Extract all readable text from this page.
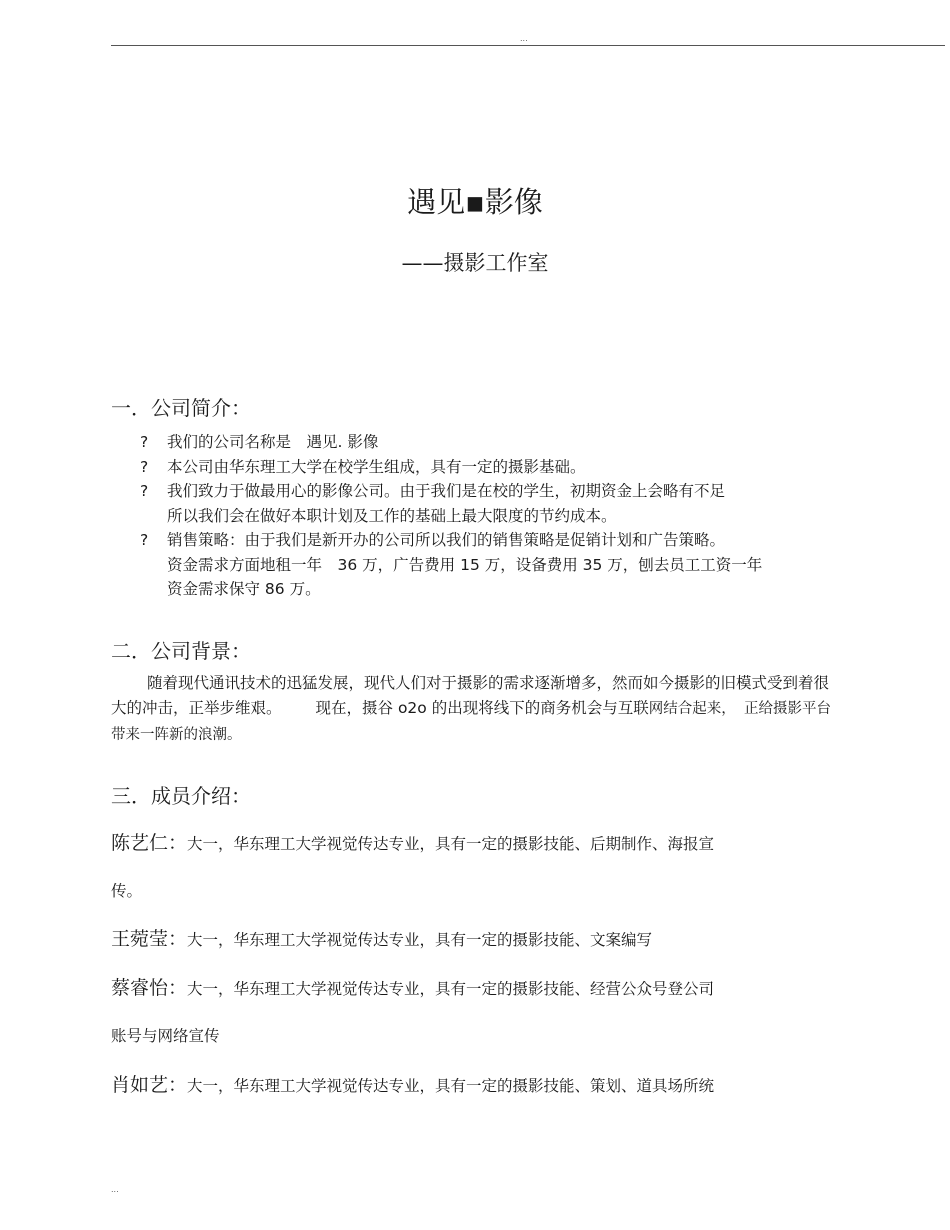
...
遇见▪影像
——摄影工作室
一．公司简介：
? 我们的公司名称是　遇见. 影像
? 本公司由华东理工大学在校学生组成，具有一定的摄影基础。
? 我们致力于做最用心的影像公司。由于我们是在校的学生，初期资金上会略有不足
所以我们会在做好本职计划及工作的基础上最大限度的节约成本。
? 销售策略：由于我们是新开办的公司所以我们的销售策略是促销计划和广告策略。
资金需求方面地租一年　36 万，广告费用 15 万，设备费用 35 万，刨去员工工资一年
资金需求保守 86 万。
二．公司背景：

随着现代通讯技术的迅猛发展，现代人们对于摄影的需求逐渐增多，然而如今摄影的旧模式受到着很大的冲击，正举步维艰。 现在，摄谷 o2o 的出现将线下的商务机会与互联网结合起来，　 正给摄影平台带来一阵新的浪潮。

三．成员介绍：

陈艺仁：大一，华东理工大学视觉传达专业，具有一定的摄影技能、后期制作、海报宣

传。

王菀莹：大一，华东理工大学视觉传达专业，具有一定的摄影技能、文案编写

蔡睿怡：大一，华东理工大学视觉传达专业，具有一定的摄影技能、经营公众号登公司

账号与网络宣传

肖如艺：大一，华东理工大学视觉传达专业，具有一定的摄影技能、策划、道具场所统

...
